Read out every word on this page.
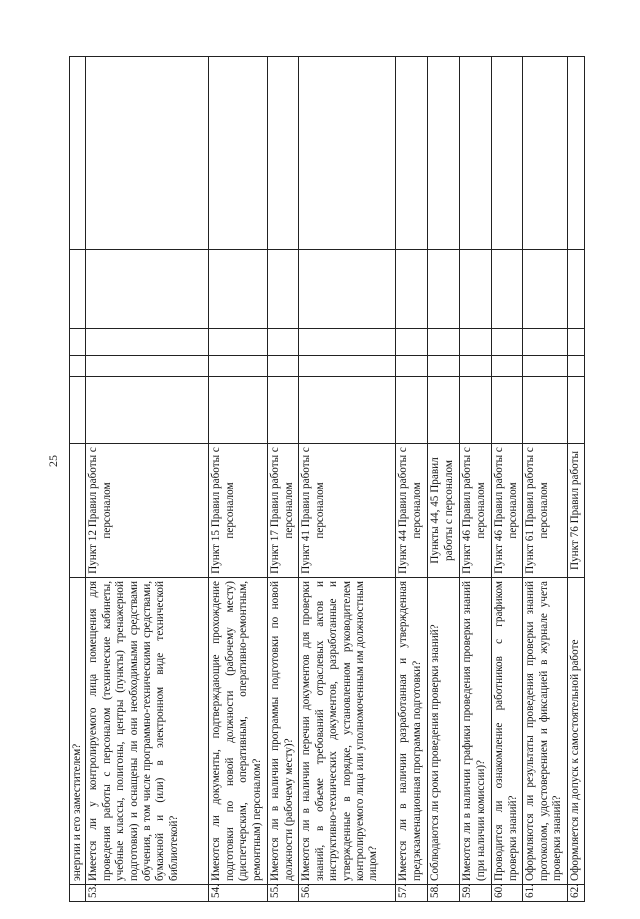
25
	энергии и его заместителем?						
53.	Имеется ли у контролируемого лица помещения для проведения работы с персоналом (технические кабинеты, учебные классы, полигоны, центры (пункты) тренажерной подготовки) и оснащены ли они необходимыми средствами обучения, в том числе программно-техническими средствами, бумажной и (или) в электронном виде технической библиотекой?	Пункт 12 Правил работы с персоналом					
54.	Имеются ли документы, подтверждающие прохождение подготовки по новой должности (рабочему месту) (диспетчерским, оперативным, оперативно-ремонтным, ремонтным) персоналом?	Пункт 15 Правил работы с персоналом					
55.	Имеются ли в наличии программы подготовки по новой должности (рабочему месту)?	Пункт 17 Правил работы с персоналом					
56.	Имеются ли в наличии перечни документов для проверки знаний, в объеме требований отраслевых актов и инструктивно-технических документов, разработанные и утвержденные в порядке, установленном руководителем контролируемого лица или уполномоченным им должностным лицом?	Пункт 41 Правил работы с персоналом					
57.	Имеется ли в наличии разработанная и утвержденная предэкзаменационная программа подготовки?	Пункт 44 Правил работы с персоналом					
58.	Соблюдаются ли сроки проведения проверки знаний?	Пункты 44, 45 Правил работы с персоналом					
59.	Имеются ли в наличии графики проведения проверки знаний (при наличии комиссии)?	Пункт 46 Правил работы с персоналом					
60.	Проводится ли ознакомление работников с графиком проверки знаний?	Пункт 46 Правил работы с персоналом					
61.	Оформляются ли результаты проведения проверки знаний протоколом, удостоверением и фиксацией в журнале учета проверки знаний?	Пункт 61 Правил работы с персоналом					
62.	Оформляется ли допуск к самостоятельной работе	Пункт 76 Правил работы					
